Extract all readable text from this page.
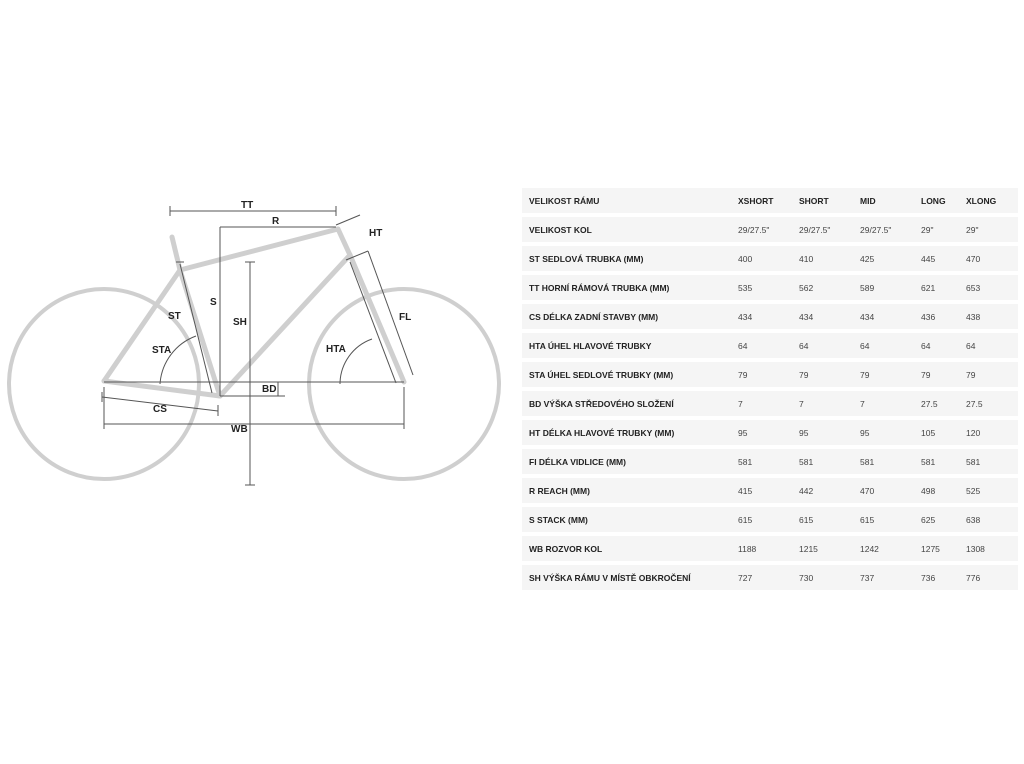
TT
R
HT
ST
S
SH
STA
FL
HTA
BD
CS
WB
VELIKOST RÁMU	XSHORT	SHORT	MID	LONG	XLONG
VELIKOST KOL	29/27.5"	29/27.5"	29/27.5"	29"	29"
ST SEDLOVÁ TRUBKA (MM)	400	410	425	445	470
TT HORNÍ RÁMOVÁ TRUBKA (MM)	535	562	589	621	653
CS DÉLKA ZADNÍ STAVBY (MM)	434	434	434	436	438
HTA ÚHEL HLAVOVÉ TRUBKY	64	64	64	64	64
STA ÚHEL SEDLOVÉ TRUBKY (MM)	79	79	79	79	79
BD VÝŠKA STŘEDOVÉHO SLOŽENÍ	7	7	7	27.5	27.5
HT DÉLKA HLAVOVÉ TRUBKY (MM)	95	95	95	105	120
FI DÉLKA VIDLICE (MM)	581	581	581	581	581
R REACH (MM)	415	442	470	498	525
S STACK (MM)	615	615	615	625	638
WB ROZVOR KOL	1188	1215	1242	1275	1308
SH VÝŠKA RÁMU V MÍSTĚ OBKROČENÍ	727	730	737	736	776
